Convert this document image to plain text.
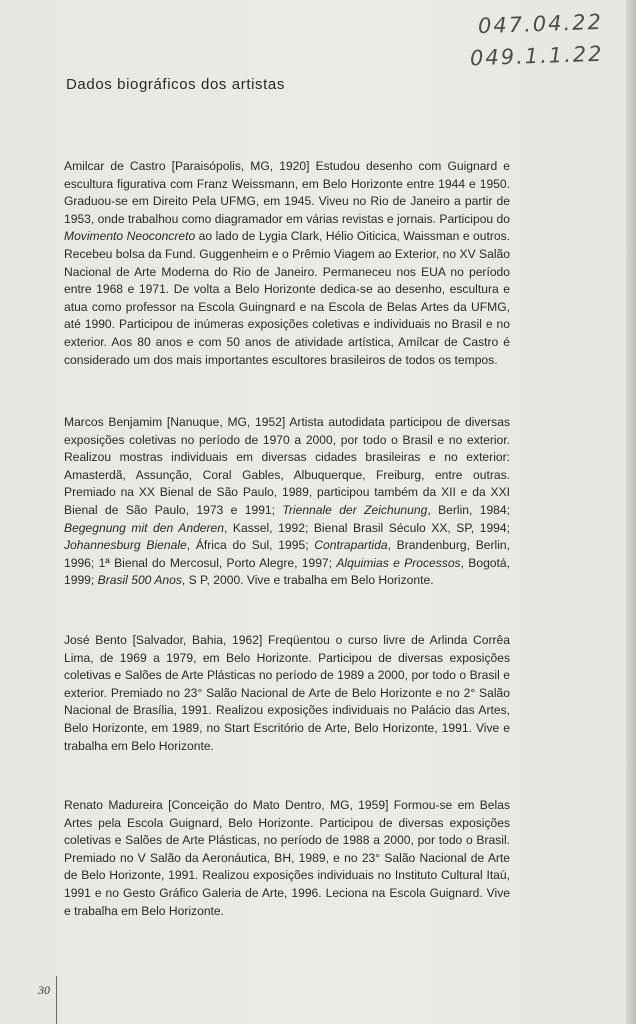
047.04.22
049.1.1.22
Dados biográficos dos artistas

Amilcar de Castro [Paraisópolis, MG, 1920] Estudou desenho com Guignard e escultura figurativa com Franz Weissmann, em Belo Horizonte entre 1944 e 1950. Graduou-se em Direito Pela UFMG, em 1945. Viveu no Rio de Janeiro a partir de 1953, onde trabalhou como diagramador em várias revistas e jornais. Participou do Movimento Neoconcreto ao lado de Lygia Clark, Hélio Oiticica, Waissman e outros. Recebeu bolsa da Fund. Guggenheim e o Prêmio Viagem ao Exterior, no XV Salão Nacional de Arte Moderna do Rio de Janeiro. Permaneceu nos EUA no período entre 1968 e 1971. De volta a Belo Horizonte dedica-se ao desenho, escultura e atua como professor na Escola Guingnard e na Escola de Belas Artes da UFMG, até 1990. Participou de inúmeras exposições coletivas e individuais no Brasil e no exterior. Aos 80 anos e com 50 anos de atividade artística, Amílcar de Castro é considerado um dos mais importantes escultores brasileiros de todos os tempos.

Marcos Benjamim [Nanuque, MG, 1952] Artista autodidata participou de diversas exposições coletivas no período de 1970 a 2000, por todo o Brasil e no exterior. Realizou mostras individuais em diversas cidades brasileiras e no exterior: Amasterdã, Assunção, Coral Gables, Albuquerque, Freiburg, entre outras. Premiado na XX Bienal de São Paulo, 1989, participou também da XII e da XXI Bienal de São Paulo, 1973 e 1991; Triennale der Zeichunung, Berlin, 1984; Begegnung mit den Anderen, Kassel, 1992; Bienal Brasil Século XX, SP, 1994; Johannesburg Bienale, África do Sul, 1995; Contrapartida, Brandenburg, Berlin, 1996; 1ª Bienal do Mercosul, Porto Alegre, 1997; Alquimias e Processos, Bogotá, 1999; Brasil 500 Anos, S P, 2000. Vive e trabalha em Belo Horizonte.

José Bento [Salvador, Bahia, 1962] Freqüentou o curso livre de Arlinda Corrêa Lima, de 1969 a 1979, em Belo Horizonte. Participou de diversas exposições coletivas e Salões de Arte Plásticas no período de 1989 a 2000, por todo o Brasil e exterior. Premiado no 23° Salão Nacional de Arte de Belo Horizonte e no 2° Salão Nacional de Brasília, 1991. Realizou exposições individuais no Palácio das Artes, Belo Horizonte, em 1989, no Start Escritório de Arte, Belo Horizonte, 1991. Vive e trabalha em Belo Horizonte.

Renato Madureira [Conceição do Mato Dentro, MG, 1959] Formou-se em Belas Artes pela Escola Guignard, Belo Horizonte. Participou de diversas exposições coletivas e Salões de Arte Plásticas, no período de 1988 a 2000, por todo o Brasil. Premiado no V Salão da Aeronáutica, BH, 1989, e no 23° Salão Nacional de Arte de Belo Horizonte, 1991. Realizou exposições individuais no Instituto Cultural Itaú, 1991 e no Gesto Gráfico Galeria de Arte, 1996. Leciona na Escola Guignard. Vive e trabalha em Belo Horizonte.

30
